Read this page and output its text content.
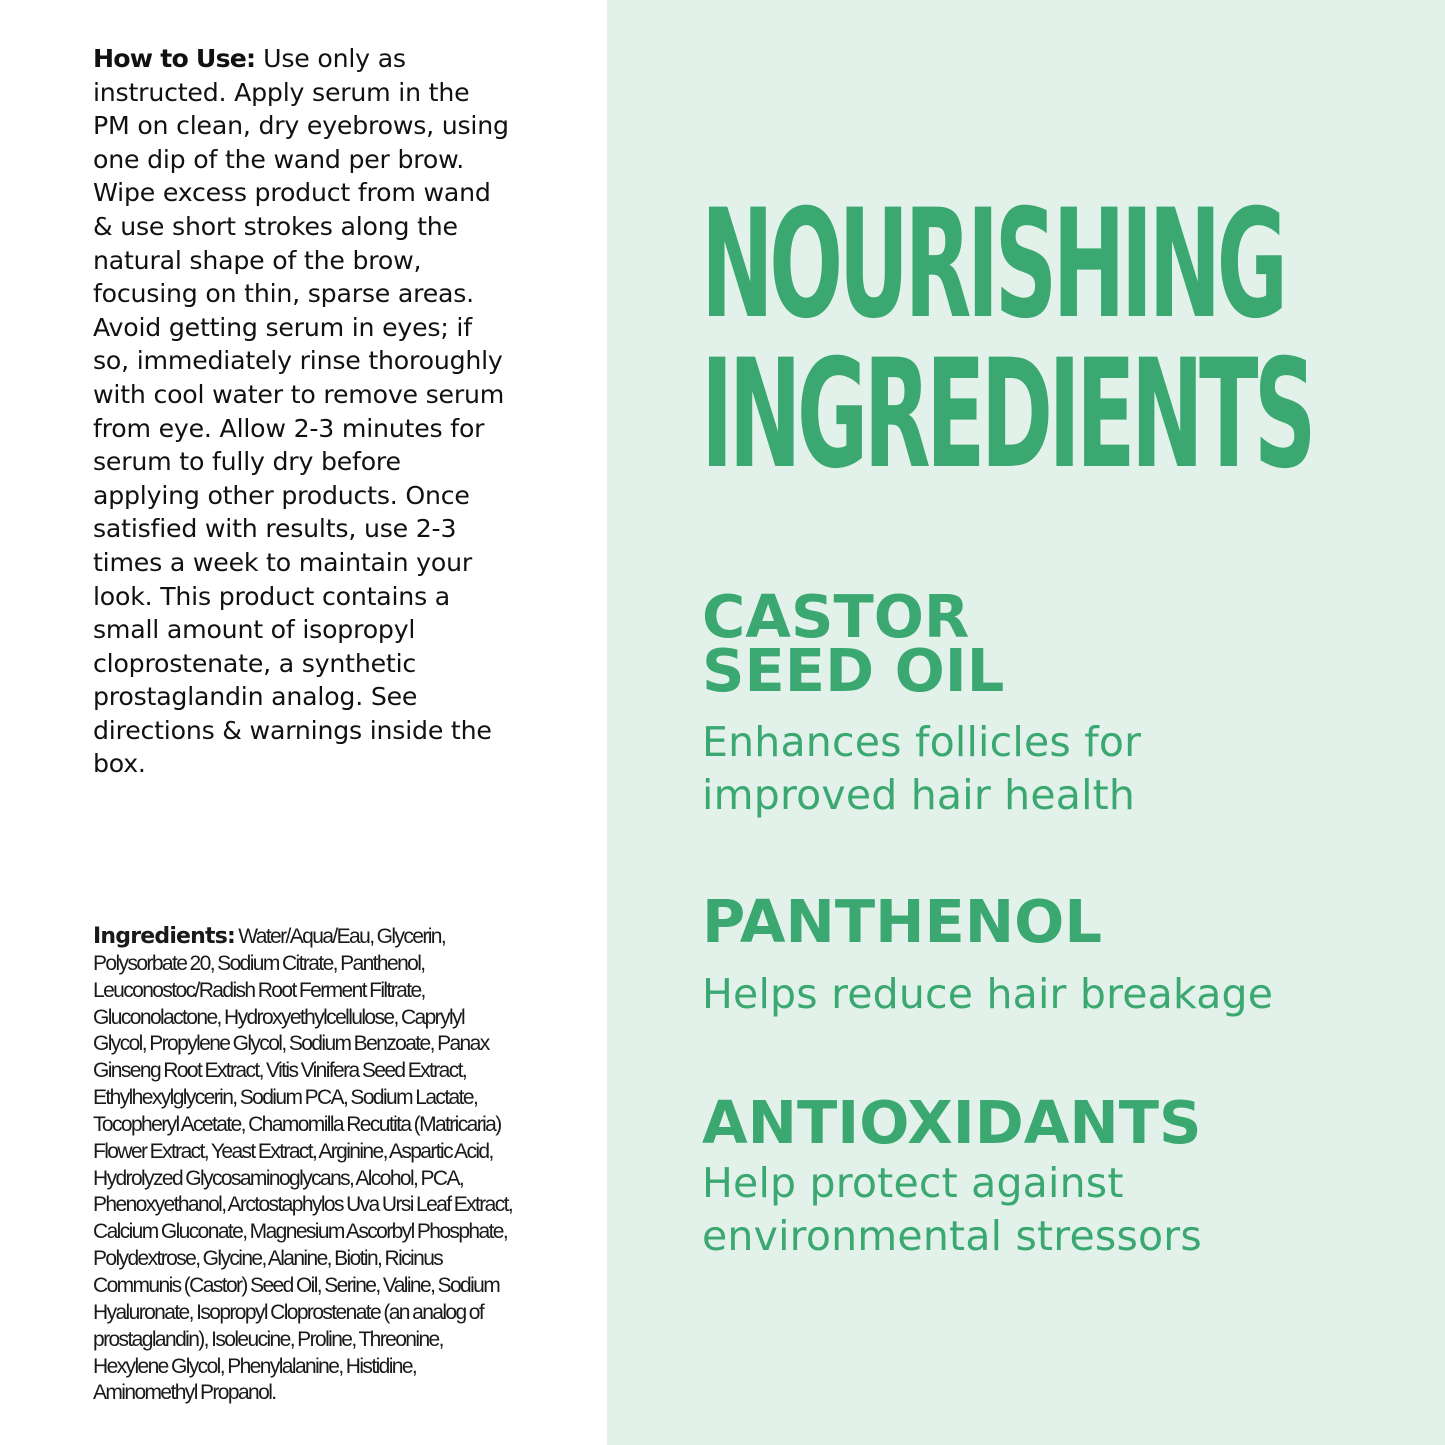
How to Use: Use only as instructed. Apply serum in the PM on clean, dry eyebrows, using one dip of the wand per brow. Wipe excess product from wand & use short strokes along the natural shape of the brow, focusing on thin, sparse areas. Avoid getting serum in eyes; if so, immediately rinse thoroughly with cool water to remove serum from eye. Allow 2-3 minutes for serum to fully dry before applying other products. Once satisfied with results, use 2-3 times a week to maintain your look. This product contains a small amount of isopropyl cloprostenate, a synthetic prostaglandin analog. See directions & warnings inside the box.

Ingredients: Water/Aqua/Eau, Glycerin, Polysorbate 20, Sodium Citrate, Panthenol, Leuconostoc/Radish Root Ferment Filtrate, Gluconolactone, Hydroxyethylcellulose, Caprylyl Glycol, Propylene Glycol, Sodium Benzoate, Panax Ginseng Root Extract, Vitis Vinifera Seed Extract, Ethylhexylglycerin, Sodium PCA, Sodium Lactate, Tocopheryl Acetate, Chamomilla Recutita (Matricaria) Flower Extract, Yeast Extract, Arginine, Aspartic Acid, Hydrolyzed Glycosaminoglycans, Alcohol, PCA, Phenoxyethanol, Arctostaphylos Uva Ursi Leaf Extract, Calcium Gluconate, Magnesium Ascorbyl Phosphate, Polydextrose, Glycine, Alanine, Biotin, Ricinus Communis (Castor) Seed Oil, Serine, Valine, Sodium Hyaluronate, Isopropyl Cloprostenate (an analog of prostaglandin), Isoleucine, Proline, Threonine, Hexylene Glycol, Phenylalanine, Histidine, Aminomethyl Propanol.

NOURISHING
INGREDIENTS
CASTOR
SEED OIL

Enhances follicles for
improved hair health

PANTHENOL

Helps reduce hair breakage

ANTIOXIDANTS

Help protect against
environmental stressors
